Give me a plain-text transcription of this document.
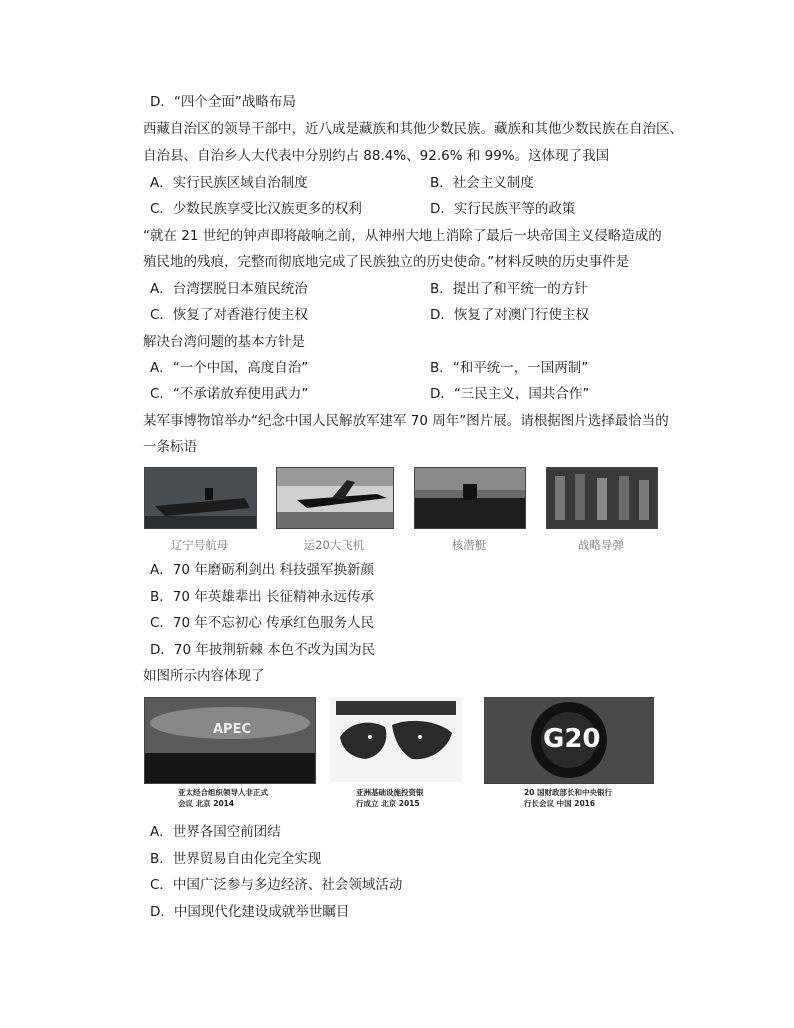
D．“四个全面”战略布局
西藏自治区的领导干部中，近八成是藏族和其他少数民族。藏族和其他少数民族在自治区、
自治县、自治乡人大代表中分别约占 88.4%、92.6% 和 99%。这体现了我国
A．实行民族区域自治制度	B．社会主义制度
C．少数民族享受比汉族更多的权利	D．实行民族平等的政策
“就在 21 世纪的钟声即将敲响之前，从神州大地上消除了最后一块帝国主义侵略造成的
殖民地的残痕，完整而彻底地完成了民族独立的历史使命。”材料反映的历史事件是
A．台湾摆脱日本殖民统治	B．提出了和平统一的方针
C．恢复了对香港行使主权	D．恢复了对澳门行使主权
解决台湾问题的基本方针是
A．“一个中国，高度自治”	B．“和平统一，一国两制”
C．“不承诺放弃使用武力”	D．“三民主义，国共合作”
某军事博物馆举办“纪念中国人民解放军建军 70 周年”图片展。请根据图片选择最恰当的
一条标语
辽宁号航母	运20大飞机	核潜艇	战略导弹
A．70 年磨砺利剑出 科技强军换新颜
B．70 年英雄辈出 长征精神永远传承
C．70 年不忘初心 传承红色服务人民
D．70 年披荆斩棘 本色不改为国为民
如图所示内容体现了
APEC
亚太经合组织领导人非正式
会议 北京 2014
亚洲基础设施投资银
行成立 北京 2015
G20
20 国财政部长和中央银行
行长会议 中国 2016
A．世界各国空前团结
B．世界贸易自由化完全实现
C．中国广泛参与多边经济、社会领域活动
D．中国现代化建设成就举世瞩目
